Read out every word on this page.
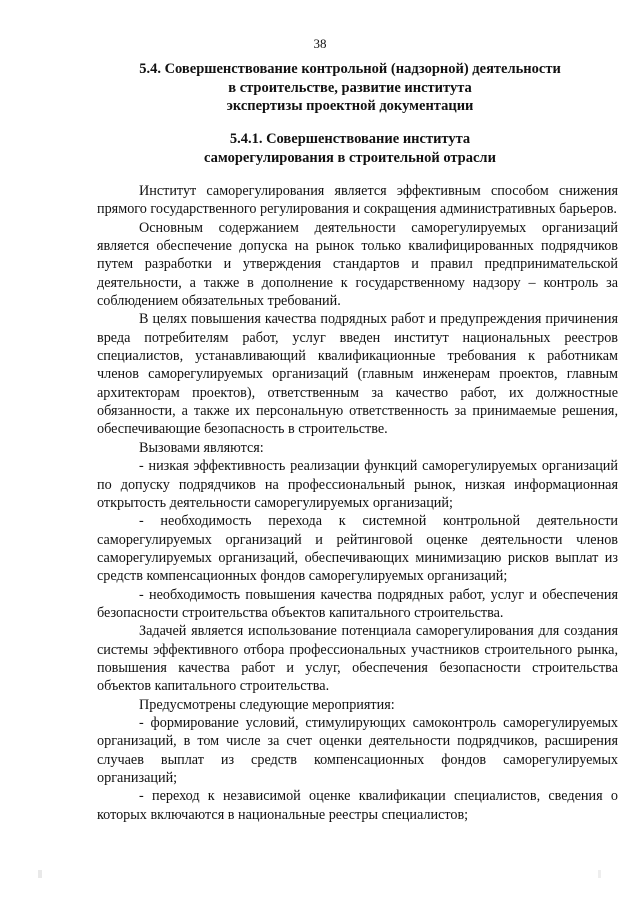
38
5.4. Совершенствование контрольной (надзорной) деятельности
в строительстве, развитие института
экспертизы проектной документации
5.4.1. Совершенствование института
саморегулирования в строительной отрасли

Институт саморегулирования является эффективным способом снижения прямого государственного регулирования и сокращения административных барьеров.

Основным содержанием деятельности саморегулируемых организаций является обеспечение допуска на рынок только квалифицированных подрядчиков путем разработки и утверждения стандартов и правил предпринимательской деятельности, а также в дополнение к государственному надзору – контроль за соблюдением обязательных требований.

В целях повышения качества подрядных работ и предупреждения причинения вреда потребителям работ, услуг введен институт национальных реестров специалистов, устанавливающий квалификационные требования к работникам членов саморегулируемых организаций (главным инженерам проектов, главным архитекторам проектов), ответственным за качество работ, их должностные обязанности, а также их персональную ответственность за принимаемые решения, обеспечивающие безопасность в строительстве.

Вызовами являются:

- низкая эффективность реализации функций саморегулируемых организаций по допуску подрядчиков на профессиональный рынок, низкая информационная открытость деятельности саморегулируемых организаций;

- необходимость перехода к системной контрольной деятельности саморегулируемых организаций и рейтинговой оценке деятельности членов саморегулируемых организаций, обеспечивающих минимизацию рисков выплат из средств компенсационных фондов саморегулируемых организаций;

- необходимость повышения качества подрядных работ, услуг и обеспечения безопасности строительства объектов капитального строительства.

Задачей является использование потенциала саморегулирования для создания системы эффективного отбора профессиональных участников строительного рынка, повышения качества работ и услуг, обеспечения безопасности строительства объектов капитального строительства.

Предусмотрены следующие мероприятия:

- формирование условий, стимулирующих самоконтроль саморегулируемых организаций, в том числе за счет оценки деятельности подрядчиков, расширения случаев выплат из средств компенсационных фондов саморегулируемых организаций;

- переход к независимой оценке квалификации специалистов, сведения о которых включаются в национальные реестры специалистов;
